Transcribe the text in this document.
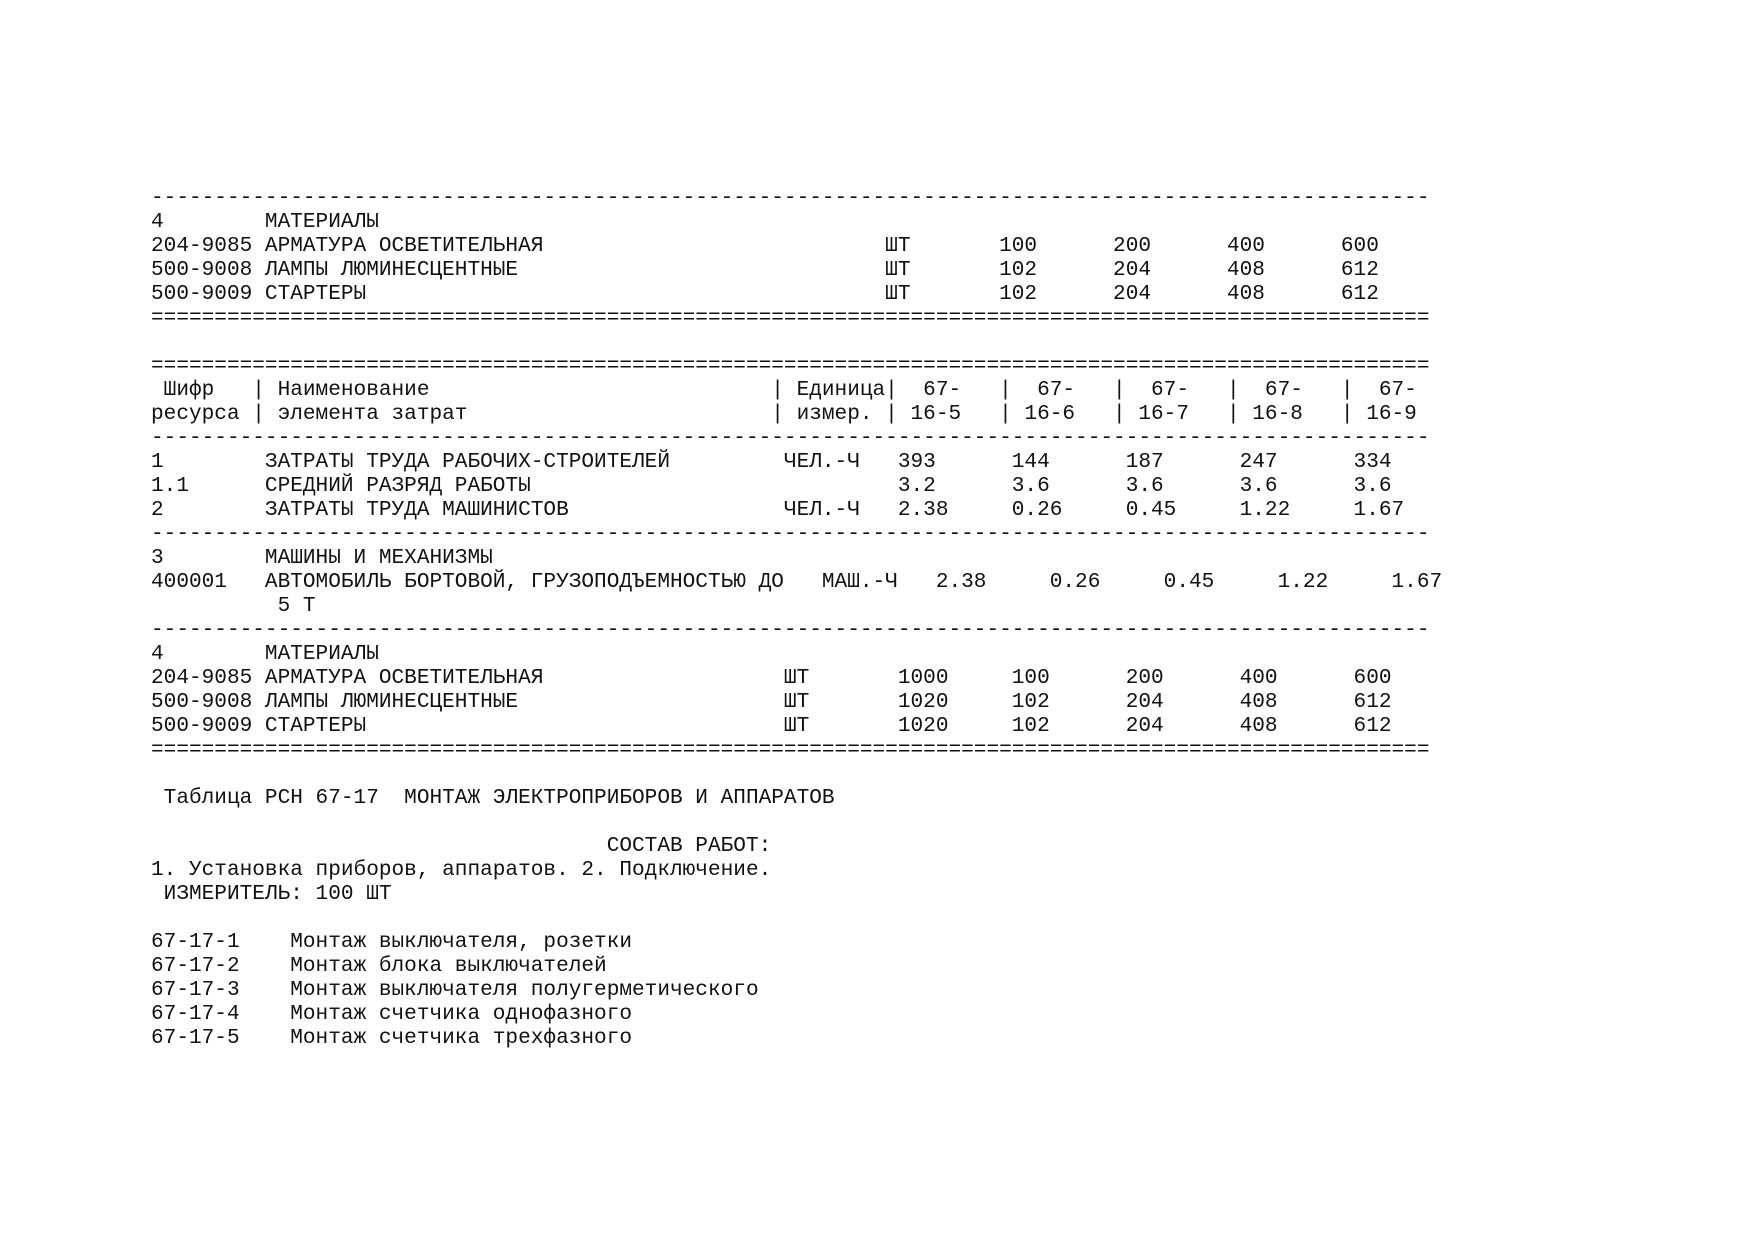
-----------------------------------------------------------------------------------------------------
4        МАТЕРИАЛЫ
204-9085 АРМАТУРА ОСВЕТИТЕЛЬНАЯ                           ШТ       100      200      400      600
500-9008 ЛАМПЫ ЛЮМИНЕСЦЕНТНЫЕ                             ШТ       102      204      408      612
500-9009 СТАРТЕРЫ                                         ШТ       102      204      408      612
=====================================================================================================
=====================================================================================================
Шифр   | Наименование                           | Единица|  67-   |  67-   |  67-   |  67-   |  67-
ресурса | элемента затрат                        | измер. | 16-5   | 16-6   | 16-7   | 16-8   | 16-9
-----------------------------------------------------------------------------------------------------
1        ЗАТРАТЫ ТРУДА РАБОЧИХ-СТРОИТЕЛЕЙ         ЧЕЛ.-Ч   393      144      187      247      334
1.1      СРЕДНИЙ РАЗРЯД РАБОТЫ                             3.2      3.6      3.6      3.6      3.6
2        ЗАТРАТЫ ТРУДА МАШИНИСТОВ                 ЧЕЛ.-Ч   2.38     0.26     0.45     1.22     1.67
-----------------------------------------------------------------------------------------------------
3        МАШИНЫ И МЕХАНИЗМЫ
400001   АВТОМОБИЛЬ БОРТОВОЙ, ГРУЗОПОДЪЕМНОСТЬЮ ДО   МАШ.-Ч   2.38     0.26     0.45     1.22     1.67
5 Т
-----------------------------------------------------------------------------------------------------
4        МАТЕРИАЛЫ
204-9085 АРМАТУРА ОСВЕТИТЕЛЬНАЯ                   ШТ       1000     100      200      400      600
500-9008 ЛАМПЫ ЛЮМИНЕСЦЕНТНЫЕ                     ШТ       1020     102      204      408      612
500-9009 СТАРТЕРЫ                                 ШТ       1020     102      204      408      612
=====================================================================================================
Таблица РСН 67-17  МОНТАЖ ЭЛЕКТРОПРИБОРОВ И АППАРАТОВ
СОСТАВ РАБОТ:
1. Установка приборов, аппаратов. 2. Подключение.
ИЗМЕРИТЕЛЬ: 100 ШТ
67-17-1    Монтаж выключателя, розетки
67-17-2    Монтаж блока выключателей
67-17-3    Монтаж выключателя полугерметического
67-17-4    Монтаж счетчика однофазного
67-17-5    Монтаж счетчика трехфазного
